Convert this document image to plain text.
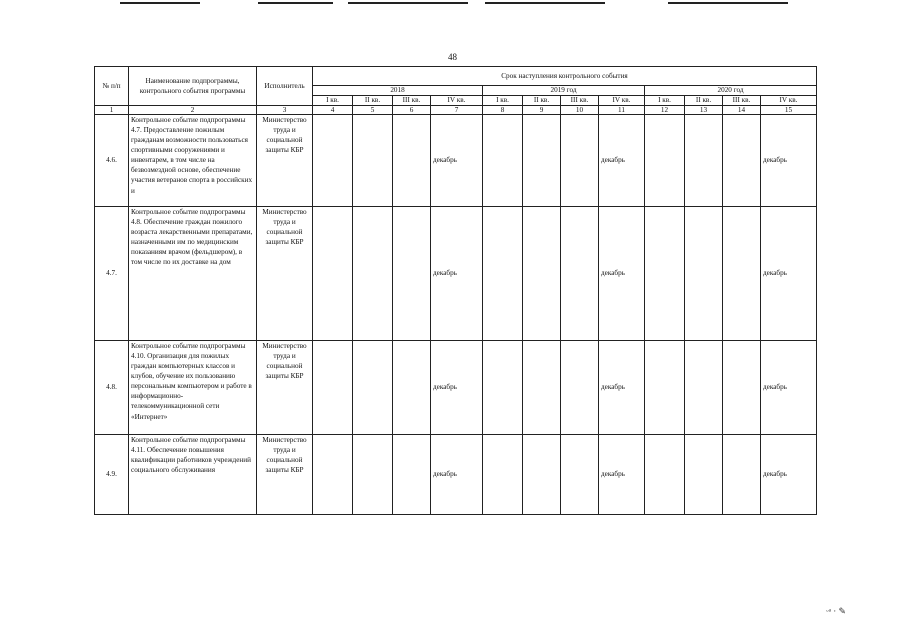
48
№ п/п	Наименование подпрограммы, контрольного события программы	Исполнитель	Срок наступления контрольного события											
			2018				2019 год				2020 год			
			I кв.	II кв.	III кв.	IV кв.	I кв.	II кв.	III кв.	IV кв.	I кв.	II кв.	III кв.	IV кв.
1	2	3	4	5	6	7	8	9	10	11	12	13	14	15
4.6.	Контрольное событие подпрограммы 4.7. Предоставление пожилым гражданам возможности пользоваться спортивными сооружениями и инвентарем, в том числе на безвозмездной основе, обеспечение участия ветеранов спорта в российских и	Министерство труда и социальной защиты КБР				декабрь				декабрь				декабрь
4.7.	Контрольное событие подпрограммы 4.8. Обеспечение граждан пожилого возраста лекарственными препаратами, назначенными им по медицинским показаниям врачом (фельдшером), в том числе по их доставке на дом	Министерство труда и социальной защиты КБР				декабрь				декабрь				декабрь
4.8.	Контрольное событие подпрограммы 4.10. Организация для пожилых граждан компьютерных классов и клубов, обучение их пользованию персональным компьютером и работе в информационно-телекоммуникационной сети «Интернет»	Министерство труда и социальной защиты КБР				декабрь				декабрь				декабрь
4.9.	Контрольное событие подпрограммы 4.11. Обеспечение повышения квалификации работников учреждений социального обслуживания	Министерство труда и социальной защиты КБР				декабрь				декабрь				декабрь
ᵕᵃ · ✎
